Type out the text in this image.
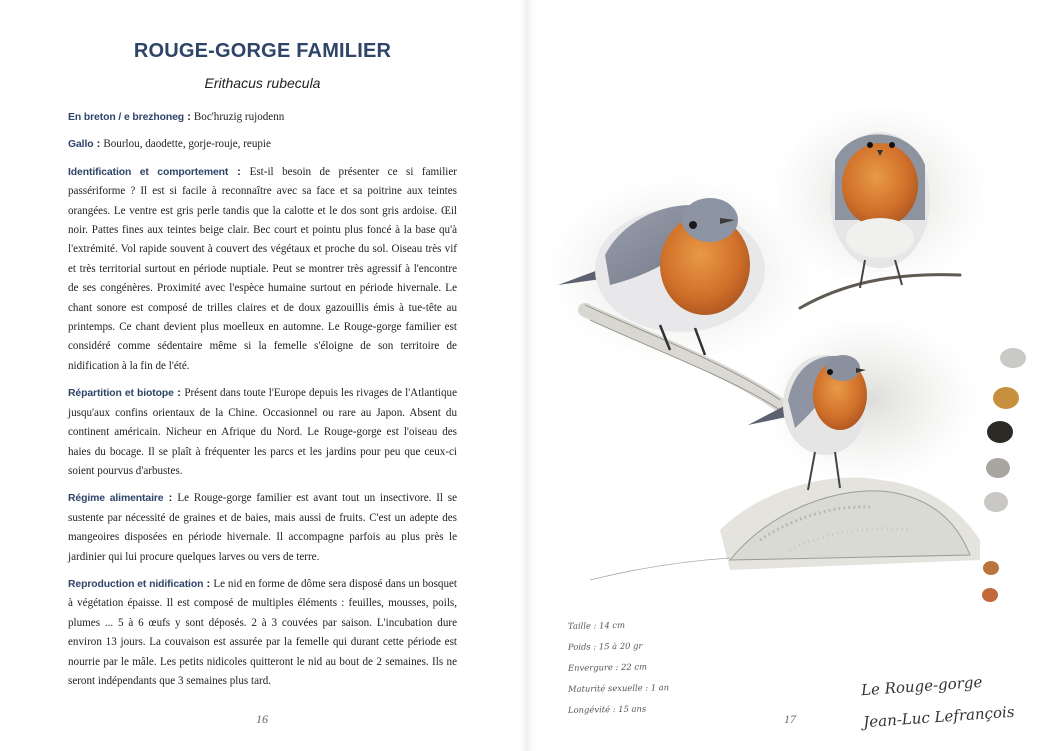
ROUGE-GORGE FAMILIER
Erithacus rubecula

En breton / e brezhoneg : Boc'hruzig rujodenn

Gallo : Bourlou, daodette, gorje-rouje, reupie

Identification et comportement : Est-il besoin de présenter ce si familier passériforme ? Il est si facile à reconnaître avec sa face et sa poitrine aux teintes orangées. Le ventre est gris perle tandis que la calotte et le dos sont gris ardoise. Œil noir. Pattes fines aux teintes beige clair. Bec court et pointu plus foncé à la base qu'à l'extrémité. Vol rapide souvent à couvert des végétaux et proche du sol. Oiseau très vif et très territorial surtout en période nuptiale. Peut se montrer très agressif à l'encontre de ses congénères. Proximité avec l'espèce humaine surtout en période hivernale. Le chant sonore est composé de trilles claires et de doux gazouillis émis à tue-tête au printemps. Ce chant devient plus moelleux en automne. Le Rouge-gorge familier est considéré comme sédentaire même si la femelle s'éloigne de son territoire de nidification à la fin de l'été.

Répartition et biotope : Présent dans toute l'Europe depuis les rivages de l'Atlantique jusqu'aux confins orientaux de la Chine. Occasionnel ou rare au Japon. Absent du continent américain. Nicheur en Afrique du Nord. Le Rouge-gorge est l'oiseau des haies du bocage. Il se plaît à fréquenter les parcs et les jardins pour peu que ceux-ci soient pourvus d'arbustes.

Régime alimentaire : Le Rouge-gorge familier est avant tout un insectivore. Il se sustente par nécessité de graines et de baies, mais aussi de fruits. C'est un adepte des mangeoires disposées en période hivernale. Il accompagne parfois au plus près le jardinier qui lui procure quelques larves ou vers de terre.

Reproduction et nidification : Le nid en forme de dôme sera disposé dans un bosquet à végétation épaisse. Il est composé de multiples éléments : feuilles, mousses, poils, plumes ... 5 à 6 œufs y sont déposés. 2 à 3 couvées par saison. L'incubation dure environ 13 jours. La couvaison est assurée par la femelle qui durant cette période est nourrie par le mâle. Les petits nidicoles quitteront le nid au bout de 2 semaines. Ils ne seront indépendants que 3 semaines plus tard.

16
Taille : 14 cm
Poids : 15 à 20 gr
Envergure : 22 cm
Maturité sexuelle : 1 an
Longévité : 15 ans
17
Le Rouge-gorge
Jean-Luc Lefrançois
